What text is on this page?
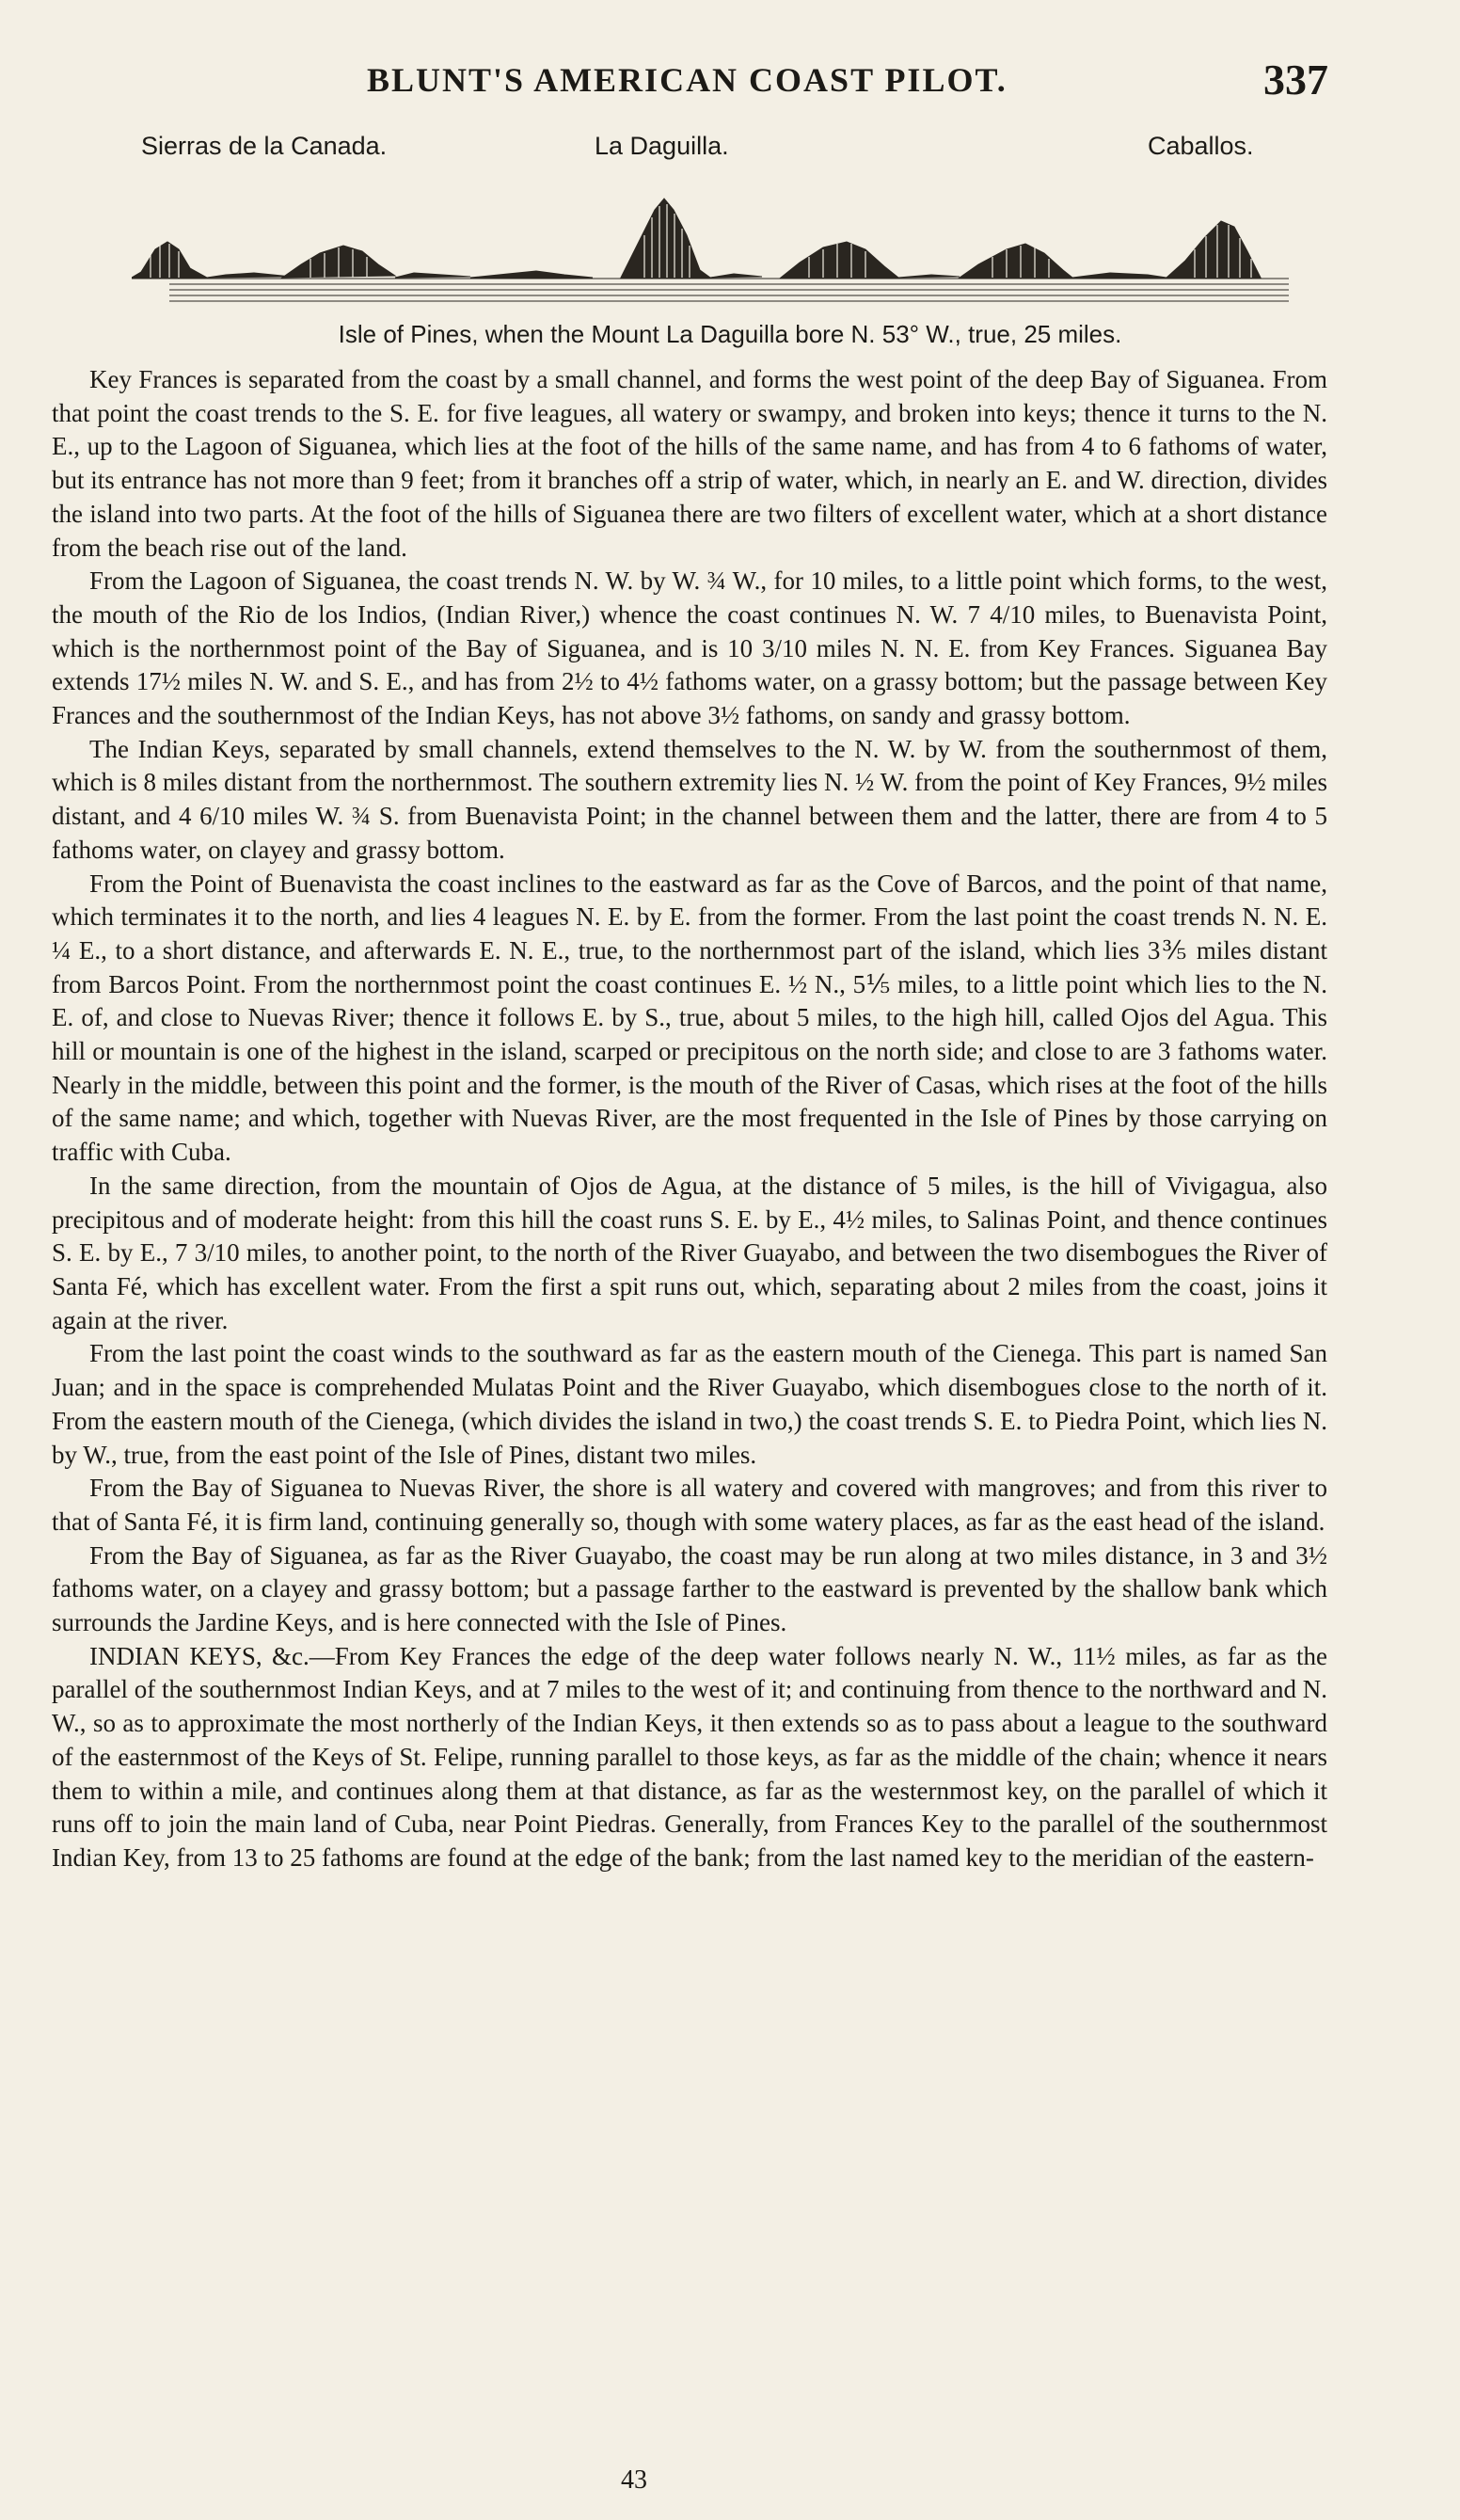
BLUNT'S AMERICAN COAST PILOT.	337
Sierras de la Canada.	La Daguilla.	Caballos.
Isle of Pines, when the Mount La Daguilla bore N. 53° W., true, 25 miles.

Key Frances is separated from the coast by a small channel, and forms the west point of the deep Bay of Siguanea. From that point the coast trends to the S. E. for five leagues, all watery or swampy, and broken into keys; thence it turns to the N. E., up to the Lagoon of Siguanea, which lies at the foot of the hills of the same name, and has from 4 to 6 fathoms of water, but its entrance has not more than 9 feet; from it branches off a strip of water, which, in nearly an E. and W. direction, divides the island into two parts. At the foot of the hills of Siguanea there are two filters of excellent water, which at a short distance from the beach rise out of the land.

From the Lagoon of Siguanea, the coast trends N. W. by W. ¾ W., for 10 miles, to a little point which forms, to the west, the mouth of the Rio de los Indios, (Indian River,) whence the coast continues N. W. 7 4/10 miles, to Buenavista Point, which is the northernmost point of the Bay of Siguanea, and is 10 3/10 miles N. N. E. from Key Frances. Siguanea Bay extends 17½ miles N. W. and S. E., and has from 2½ to 4½ fathoms water, on a grassy bottom; but the passage between Key Frances and the southernmost of the Indian Keys, has not above 3½ fathoms, on sandy and grassy bottom.

The Indian Keys, separated by small channels, extend themselves to the N. W. by W. from the southernmost of them, which is 8 miles distant from the northernmost. The southern extremity lies N. ½ W. from the point of Key Frances, 9½ miles distant, and 4 6/10 miles W. ¾ S. from Buenavista Point; in the channel between them and the latter, there are from 4 to 5 fathoms water, on clayey and grassy bottom.

From the Point of Buenavista the coast inclines to the eastward as far as the Cove of Barcos, and the point of that name, which terminates it to the north, and lies 4 leagues N. E. by E. from the former. From the last point the coast trends N. N. E. ¼ E., to a short distance, and afterwards E. N. E., true, to the northernmost part of the island, which lies 3⅗ miles distant from Barcos Point. From the northernmost point the coast continues E. ½ N., 5⅕ miles, to a little point which lies to the N. E. of, and close to Nuevas River; thence it follows E. by S., true, about 5 miles, to the high hill, called Ojos del Agua. This hill or mountain is one of the highest in the island, scarped or precipitous on the north side; and close to are 3 fathoms water. Nearly in the middle, between this point and the former, is the mouth of the River of Casas, which rises at the foot of the hills of the same name; and which, together with Nuevas River, are the most frequented in the Isle of Pines by those carrying on traffic with Cuba.

In the same direction, from the mountain of Ojos de Agua, at the distance of 5 miles, is the hill of Vivigagua, also precipitous and of moderate height: from this hill the coast runs S. E. by E., 4½ miles, to Salinas Point, and thence continues S. E. by E., 7 3/10 miles, to another point, to the north of the River Guayabo, and between the two disembogues the River of Santa Fé, which has excellent water. From the first a spit runs out, which, separating about 2 miles from the coast, joins it again at the river.

From the last point the coast winds to the southward as far as the eastern mouth of the Cienega. This part is named San Juan; and in the space is comprehended Mulatas Point and the River Guayabo, which disembogues close to the north of it. From the eastern mouth of the Cienega, (which divides the island in two,) the coast trends S. E. to Piedra Point, which lies N. by W., true, from the east point of the Isle of Pines, distant two miles.

From the Bay of Siguanea to Nuevas River, the shore is all watery and covered with mangroves; and from this river to that of Santa Fé, it is firm land, continuing generally so, though with some watery places, as far as the east head of the island.

From the Bay of Siguanea, as far as the River Guayabo, the coast may be run along at two miles distance, in 3 and 3½ fathoms water, on a clayey and grassy bottom; but a passage farther to the eastward is prevented by the shallow bank which surrounds the Jardine Keys, and is here connected with the Isle of Pines.

INDIAN KEYS, &c.—From Key Frances the edge of the deep water follows nearly N. W., 11½ miles, as far as the parallel of the southernmost Indian Keys, and at 7 miles to the west of it; and continuing from thence to the northward and N. W., so as to approximate the most northerly of the Indian Keys, it then extends so as to pass about a league to the southward of the easternmost of the Keys of St. Felipe, running parallel to those keys, as far as the middle of the chain; whence it nears them to within a mile, and continues along them at that distance, as far as the westernmost key, on the parallel of which it runs off to join the main land of Cuba, near Point Piedras. Generally, from Frances Key to the parallel of the southernmost Indian Key, from 13 to 25 fathoms are found at the edge of the bank; from the last named key to the meridian of the eastern-

43
